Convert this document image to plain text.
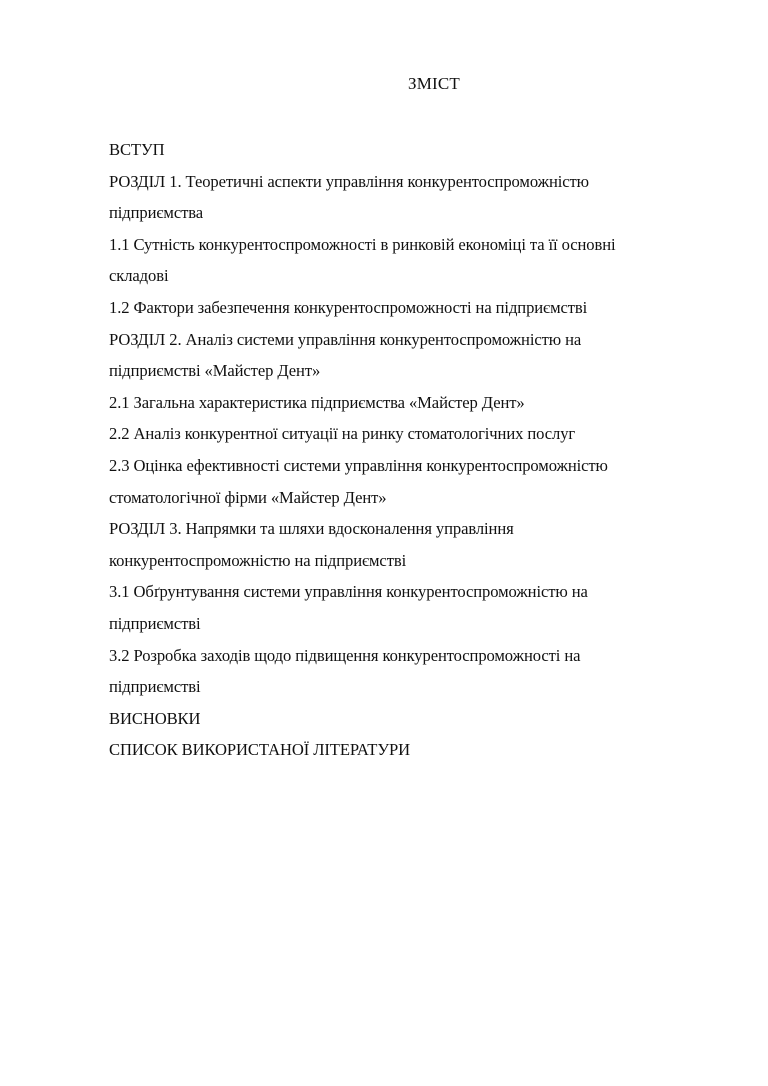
ЗМІСТ
ВСТУП
РОЗДІЛ 1. Теоретичні аспекти управління конкурентоспроможністю
підприємства
1.1 Сутність конкурентоспроможності в ринковій економіці та її основні
складові
1.2 Фактори забезпечення конкурентоспроможності на підприємстві
РОЗДІЛ 2. Аналіз системи управління конкурентоспроможністю на
підприємстві «Майстер Дент»
2.1 Загальна характеристика підприємства «Майстер Дент»
2.2 Аналіз конкурентної ситуації на ринку стоматологічних послуг
2.3 Оцінка ефективності системи управління конкурентоспроможністю
стоматологічної фірми «Майстер Дент»
РОЗДІЛ 3. Напрямки та шляхи вдосконалення управління
конкурентоспроможністю на підприємстві
3.1 Обґрунтування системи управління конкурентоспроможністю на
підприємстві
3.2 Розробка заходів щодо підвищення конкурентоспроможності на
підприємстві
ВИСНОВКИ
СПИСОК ВИКОРИСТАНОЇ ЛІТЕРАТУРИ
